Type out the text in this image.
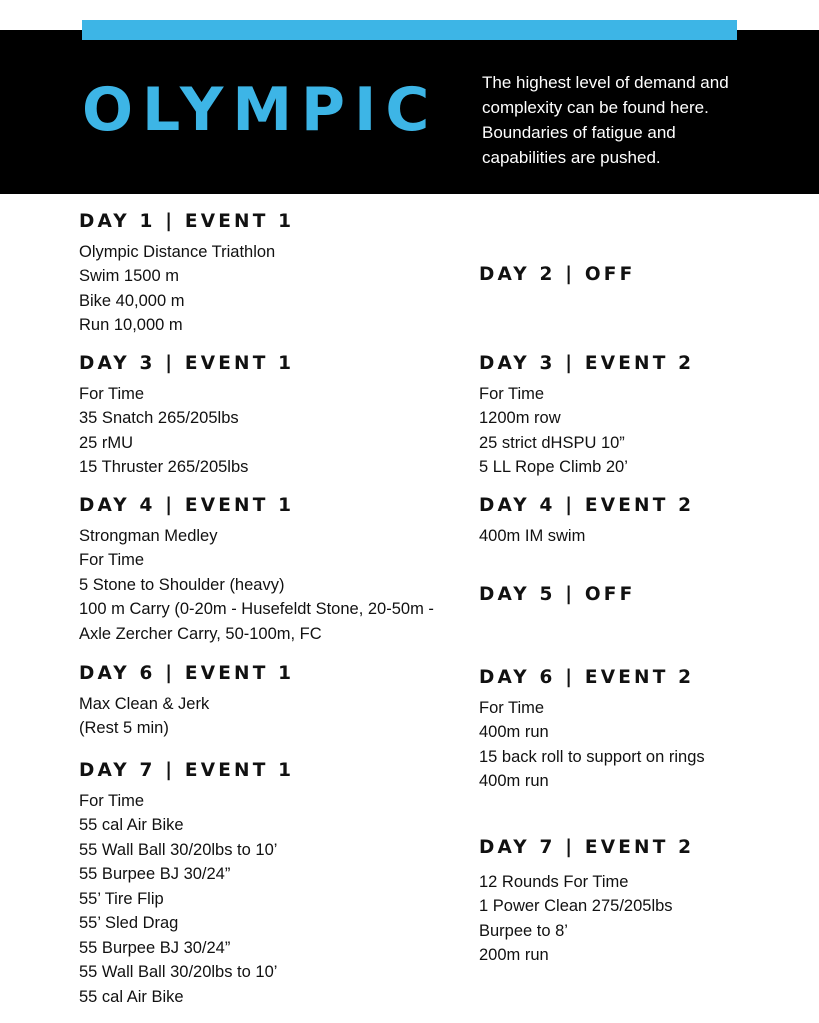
OLYMPIC	The highest level of demand and
complexity can be found here.
Boundaries of fatigue and
capabilities are pushed.
DAY 1 | EVENT 1
Olympic Distance Triathlon
Swim 1500 m
Bike 40,000 m
Run 10,000 m
DAY 3 | EVENT 1
For Time
35 Snatch 265/205lbs
25 rMU
15 Thruster 265/205lbs
DAY 4 | EVENT 1
Strongman Medley
For Time
5 Stone to Shoulder (heavy)
100 m Carry (0-20m - Husefeldt Stone, 20-50m - Axle Zercher Carry, 50-100m, FC
DAY 6 | EVENT 1
Max Clean & Jerk
(Rest 5 min)
DAY 7 | EVENT 1
For Time
55 cal Air Bike
55 Wall Ball 30/20lbs to 10’
55 Burpee BJ 30/24”
55’ Tire Flip
55’ Sled Drag
55 Burpee BJ 30/24”
55 Wall Ball 30/20lbs to 10’
55 cal Air Bike
DAY 2 | OFF
DAY 3 | EVENT 2
For Time
1200m row
25 strict dHSPU 10”
5 LL Rope Climb 20’
DAY 4 | EVENT 2
400m IM swim
DAY 5 | OFF
DAY 6 | EVENT 2
For Time
400m run
15 back roll to support on rings
400m run
DAY 7 | EVENT 2
12 Rounds For Time
1 Power Clean 275/205lbs
Burpee to 8’
200m run
